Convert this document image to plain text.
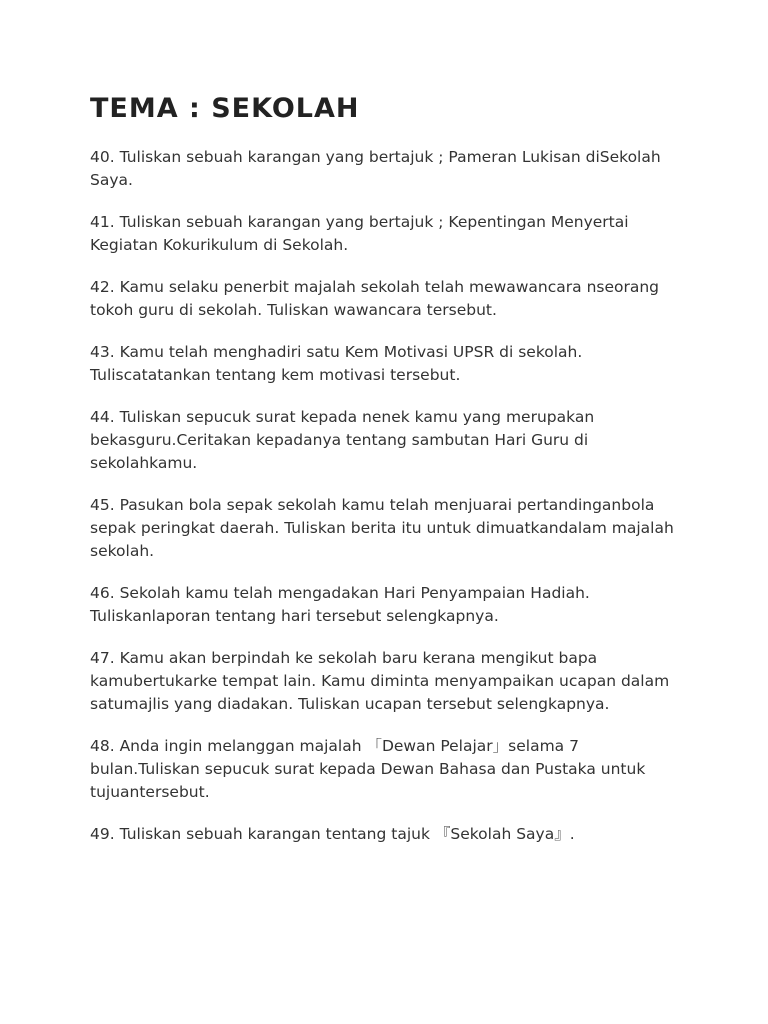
TEMA : SEKOLAH

40. Tuliskan sebuah karangan yang bertajuk ; Pameran Lukisan diSekolah
Saya.

41. Tuliskan sebuah karangan yang bertajuk ; Kepentingan Menyertai
Kegiatan Kokurikulum di Sekolah.

42. Kamu selaku penerbit majalah sekolah telah mewawancara nseorang
tokoh guru di sekolah. Tuliskan wawancara tersebut.

43. Kamu telah menghadiri satu Kem Motivasi UPSR di sekolah.
Tuliscatatankan tentang kem motivasi tersebut.

44. Tuliskan sepucuk surat kepada nenek kamu yang merupakan
bekasguru.Ceritakan kepadanya tentang sambutan Hari Guru di
sekolahkamu.

45. Pasukan bola sepak sekolah kamu telah menjuarai pertandinganbola
sepak peringkat daerah. Tuliskan berita itu untuk dimuatkandalam majalah
sekolah.

46. Sekolah kamu telah mengadakan Hari Penyampaian Hadiah.
Tuliskanlaporan tentang hari tersebut selengkapnya.

47. Kamu akan berpindah ke sekolah baru kerana mengikut bapa
kamubertukarke tempat lain. Kamu diminta menyampaikan ucapan dalam
satumajlis yang diadakan. Tuliskan ucapan tersebut selengkapnya.

48. Anda ingin melanggan majalah 「Dewan Pelajar」selama 7
bulan.Tuliskan sepucuk surat kepada Dewan Bahasa dan Pustaka untuk
tujuantersebut.

49. Tuliskan sebuah karangan tentang tajuk 『Sekolah Saya』.
